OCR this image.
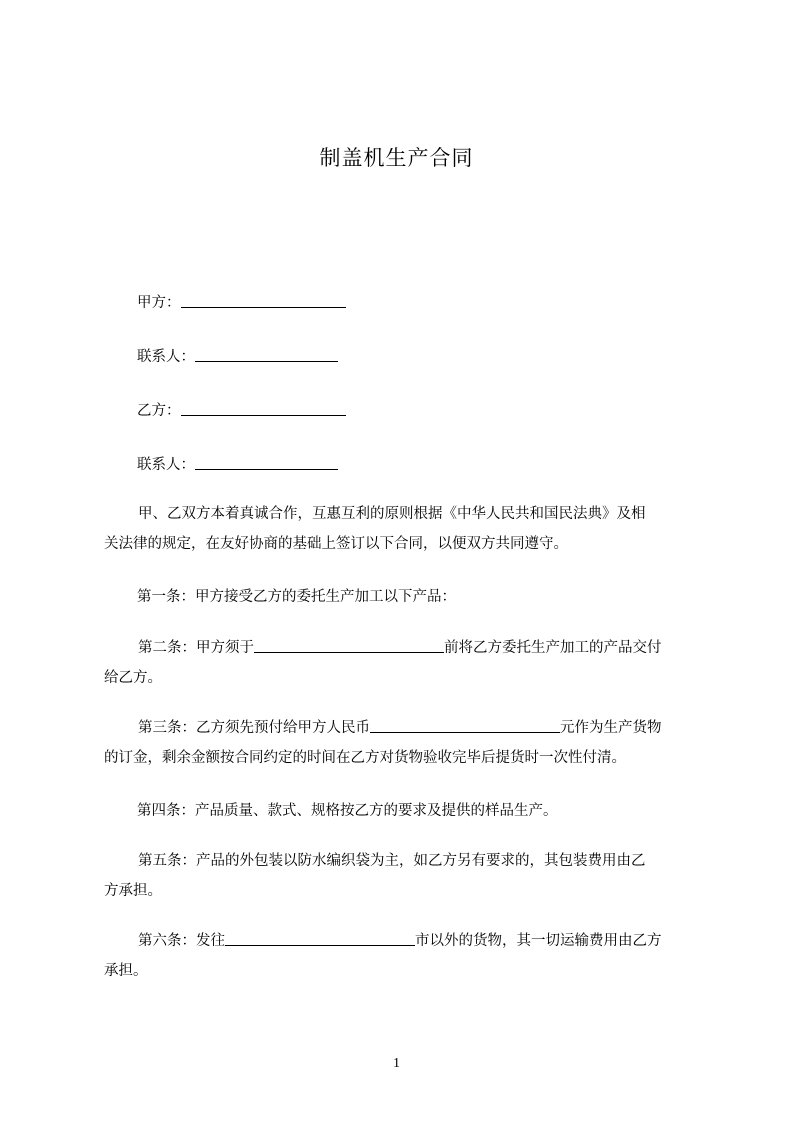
制盖机生产合同
甲方：
联系人：
乙方：
联系人：
甲、乙双方本着真诚合作，互惠互利的原则根据《中华人民共和国民法典》及相
关法律的规定，在友好协商的基础上签订以下合同，以便双方共同遵守。
第一条：甲方接受乙方的委托生产加工以下产品：
第二条：甲方须于	前将乙方委托生产加工的产品交付
给乙方。
第三条：乙方须先预付给甲方人民币	元作为生产货物
的订金，剩余金额按合同约定的时间在乙方对货物验收完毕后提货时一次性付清。
第四条：产品质量、款式、规格按乙方的要求及提供的样品生产。
第五条：产品的外包装以防水编织袋为主，如乙方另有要求的，其包装费用由乙
方承担。
第六条：发往	市以外的货物，其一切运输费用由乙方
承担。
1
